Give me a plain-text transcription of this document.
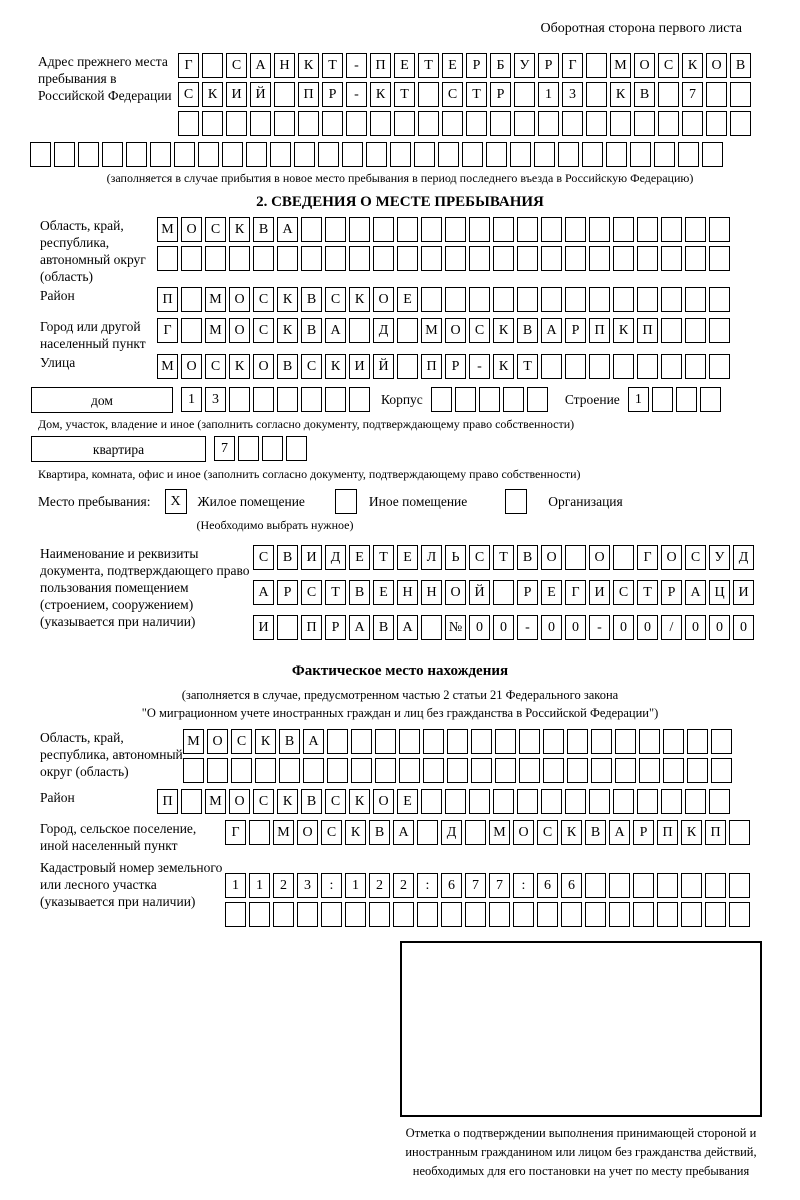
Оборотная сторона первого листа
Адрес прежнего места пребывания в Российской Федерации
Г	С	А Н	К	Т	-	П	Е	Т	Е	Р	Б	У	Р	Г	М О	С	К	О	В
С	К	И Й	П	Р	-	К	Т	С	Т	Р	1	3	К	В	7
(заполняется в случае прибытия в новое место пребывания в период последнего въезда в Российскую Федерацию)
2. СВЕДЕНИЯ О МЕСТЕ ПРЕБЫВАНИЯ
Область, край, республика, автономный округ (область)
М О	С	К	В	А
Район	П	М О	С	К	В	С	К	О	Е
Город или другой населенный пункт
Г	М О	С	К	В	А	Д	М О	С	К	В	А	Р	П	К	П
Улица	М О	С	К	О	В	С	К	И Й	П	Р	-	К	Т
дом	1	3	Корпус	Строение	1
Дом, участок, владение и иное (заполнить согласно документу, подтверждающему право собственности)
квартира	7
Квартира, комната, офис и иное (заполнить согласно документу, подтверждающему право собственности)
Место пребывания:	X	Жилое помещение	Иное помещение	Организация
(Необходимо выбрать нужное)
Наименование и реквизиты документа, подтверждающего право пользования помещением (строением, сооружением) (указывается при наличии)
С	В	И	Д	Е	Т	Е	Л	Ь	С	Т	В	О	О	Г	О	С	У	Д
А	Р	С	Т	В	Е	Н Н О Й	Р	Е	Г	И	С	Т	Р	А Ц И
И	П	Р	А	В	А	№ 0	0	-	0	0	-	0	0	/	0	0	0
Фактическое место нахождения
(заполняется в случае, предусмотренном частью 2 статьи 21 Федерального закона
"О миграционном учете иностранных граждан и лиц без гражданства в Российской Федерации")
Область, край, республика, автономный округ (область)
М О	С	К	В	А
Район	П	М О	С	К	В	С	К	О	Е
Город, сельское поселение, иной населенный пункт
Г	М О	С	К	В	А	Д	М О	С	К	В	А	Р	П	К	П
Кадастровый номер земельного или лесного участка (указывается при наличии)
1	1	2	3	:	1	2	2	:	6	7	7	:	6	6
Отметка о подтверждении выполнения принимающей стороной и иностранным гражданином или лицом без гражданства действий, необходимых для его постановки на учет по месту пребывания
